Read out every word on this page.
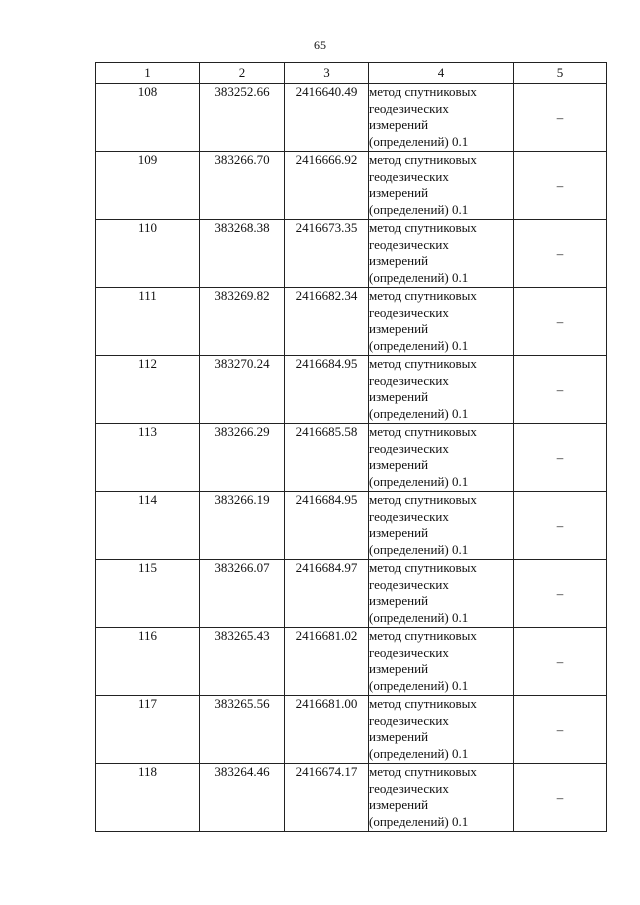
65
1	2	3	4	5
108	383252.66	2416640.49	метод спутниковых
геодезических
измерений
(определений) 0.1	–
109	383266.70	2416666.92	метод спутниковых
геодезических
измерений
(определений) 0.1	–
110	383268.38	2416673.35	метод спутниковых
геодезических
измерений
(определений) 0.1	–
111	383269.82	2416682.34	метод спутниковых
геодезических
измерений
(определений) 0.1	–
112	383270.24	2416684.95	метод спутниковых
геодезических
измерений
(определений) 0.1	–
113	383266.29	2416685.58	метод спутниковых
геодезических
измерений
(определений) 0.1	–
114	383266.19	2416684.95	метод спутниковых
геодезических
измерений
(определений) 0.1	–
115	383266.07	2416684.97	метод спутниковых
геодезических
измерений
(определений) 0.1	–
116	383265.43	2416681.02	метод спутниковых
геодезических
измерений
(определений) 0.1	–
117	383265.56	2416681.00	метод спутниковых
геодезических
измерений
(определений) 0.1	–
118	383264.46	2416674.17	метод спутниковых
геодезических
измерений
(определений) 0.1	–
